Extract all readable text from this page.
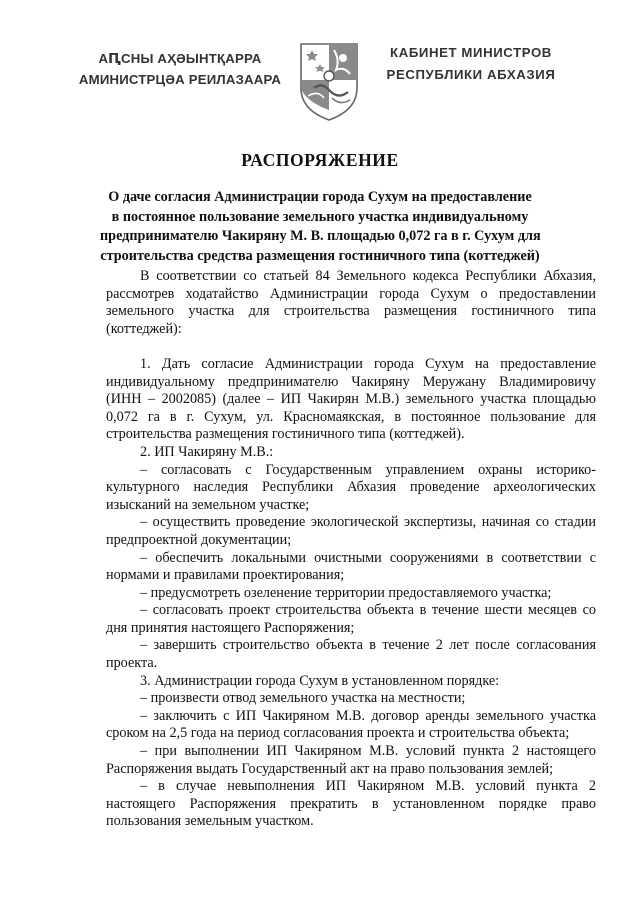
АԤСНЫ АҲӘЫНТҚАРРА
АМИНИСТРЦӘА РЕИЛАЗААРА
КАБИНЕТ МИНИСТРОВ
РЕСПУБЛИКИ АБХАЗИЯ
РАСПОРЯЖЕНИЕ
О даче согласия Администрации города Сухум на предоставление
в постоянное пользование земельного участка индивидуальному
предпринимателю Чакиряну М. В. площадью 0,072 га в г. Сухум для
строительства средства размещения гостиничного типа (коттеджей)
В соответствии со статьей 84 Земельного кодекса Республики Абхазия, рассмотрев ходатайство Администрации города Сухум о предоставлении земельного участка для строительства размещения гостиничного типа (коттеджей):
1. Дать согласие Администрации города Сухум на предоставление индивидуальному предпринимателю Чакиряну Меружану Владимировичу (ИНН – 2002085) (далее – ИП Чакирян М.В.) земельного участка площадью 0,072 га в г. Сухум, ул. Красномаякская, в постоянное пользование для строительства размещения гостиничного типа (коттеджей).
2. ИП Чакиряну М.В.:
– согласовать с Государственным управлением охраны историко-культурного наследия Республики Абхазия проведение археологических изысканий на земельном участке;
– осуществить проведение экологической экспертизы, начиная со стадии предпроектной документации;
– обеспечить локальными очистными сооружениями в соответствии с нормами и правилами проектирования;
– предусмотреть озеленение территории предоставляемого участка;
– согласовать проект строительства объекта в течение шести месяцев со дня принятия настоящего Распоряжения;
– завершить строительство объекта в течение 2 лет после согласования проекта.
3. Администрации города Сухум в установленном порядке:
– произвести отвод земельного участка на местности;
– заключить с ИП Чакиряном М.В. договор аренды земельного участка сроком на 2,5 года на период согласования проекта и строительства объекта;
– при выполнении ИП Чакиряном М.В. условий пункта 2 настоящего Распоряжения выдать Государственный акт на право пользования землей;
– в случае невыполнения ИП Чакиряном М.В. условий пункта 2 настоящего Распоряжения прекратить в установленном порядке право пользования земельным участком.
